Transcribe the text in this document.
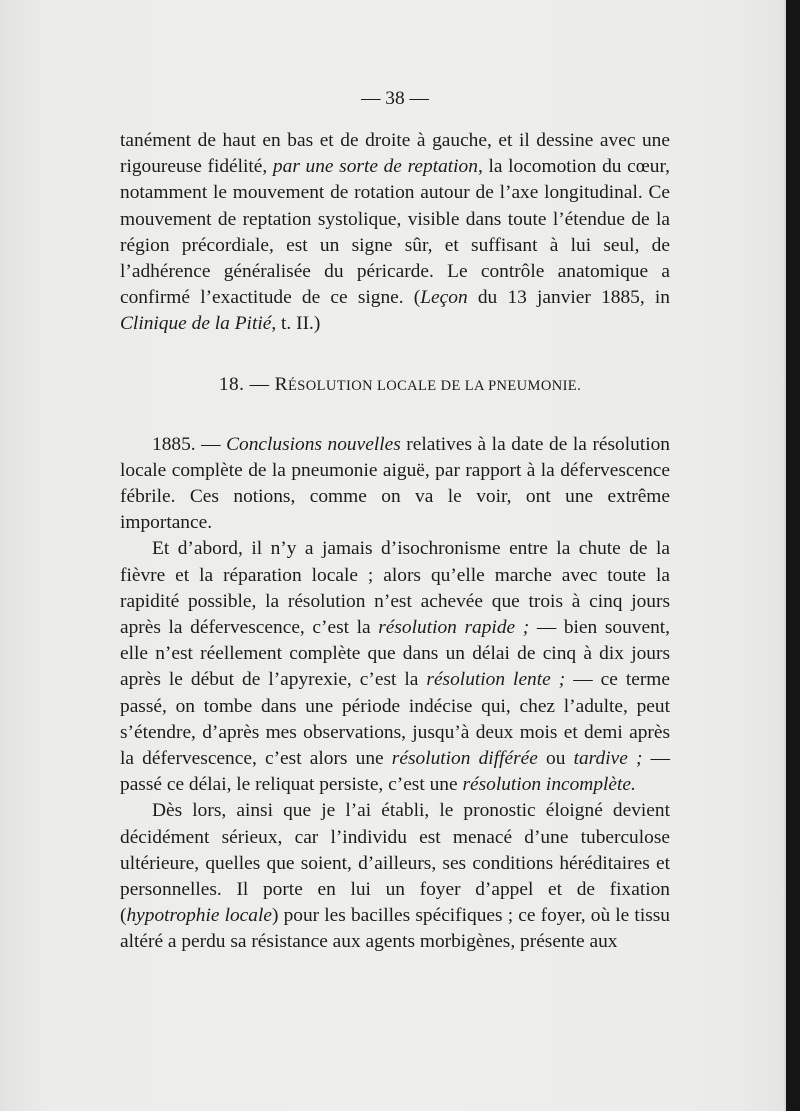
— 38 —

tanément de haut en bas et de droite à gauche, et il dessine avec une rigoureuse fidélité, par une sorte de reptation, la locomotion du cœur, notamment le mouvement de rotation autour de l’axe longitudinal. Ce mouvement de reptation systolique, visible dans toute l’étendue de la région précordiale, est un signe sûr, et suffisant à lui seul, de l’adhérence généralisée du péricarde. Le contrôle anatomique a confirmé l’exactitude de ce signe. (Leçon du 13 janvier 1885, in Clinique de la Pitié, t. II.)

18. — RÉSOLUTION LOCALE DE LA PNEUMONIE.

1885. — Conclusions nouvelles relatives à la date de la résolution locale complète de la pneumonie aiguë, par rapport à la défervescence fébrile. Ces notions, comme on va le voir, ont une extrême importance.

Et d’abord, il n’y a jamais d’isochronisme entre la chute de la fièvre et la réparation locale ; alors qu’elle marche avec toute la rapidité possible, la résolution n’est achevée que trois à cinq jours après la défervescence, c’est la résolution rapide ; — bien souvent, elle n’est réellement complète que dans un délai de cinq à dix jours après le début de l’apyrexie, c’est la résolution lente ; — ce terme passé, on tombe dans une période indécise qui, chez l’adulte, peut s’étendre, d’après mes observations, jusqu’à deux mois et demi après la défervescence, c’est alors une résolution différée ou tardive ; — passé ce délai, le reliquat persiste, c’est une résolution incomplète.

Dès lors, ainsi que je l’ai établi, le pronostic éloigné devient décidément sérieux, car l’individu est menacé d’une tuberculose ultérieure, quelles que soient, d’ailleurs, ses conditions héréditaires et personnelles. Il porte en lui un foyer d’appel et de fixation (hypotrophie locale) pour les bacilles spécifiques ; ce foyer, où le tissu altéré a perdu sa résistance aux agents morbigènes, présente aux
